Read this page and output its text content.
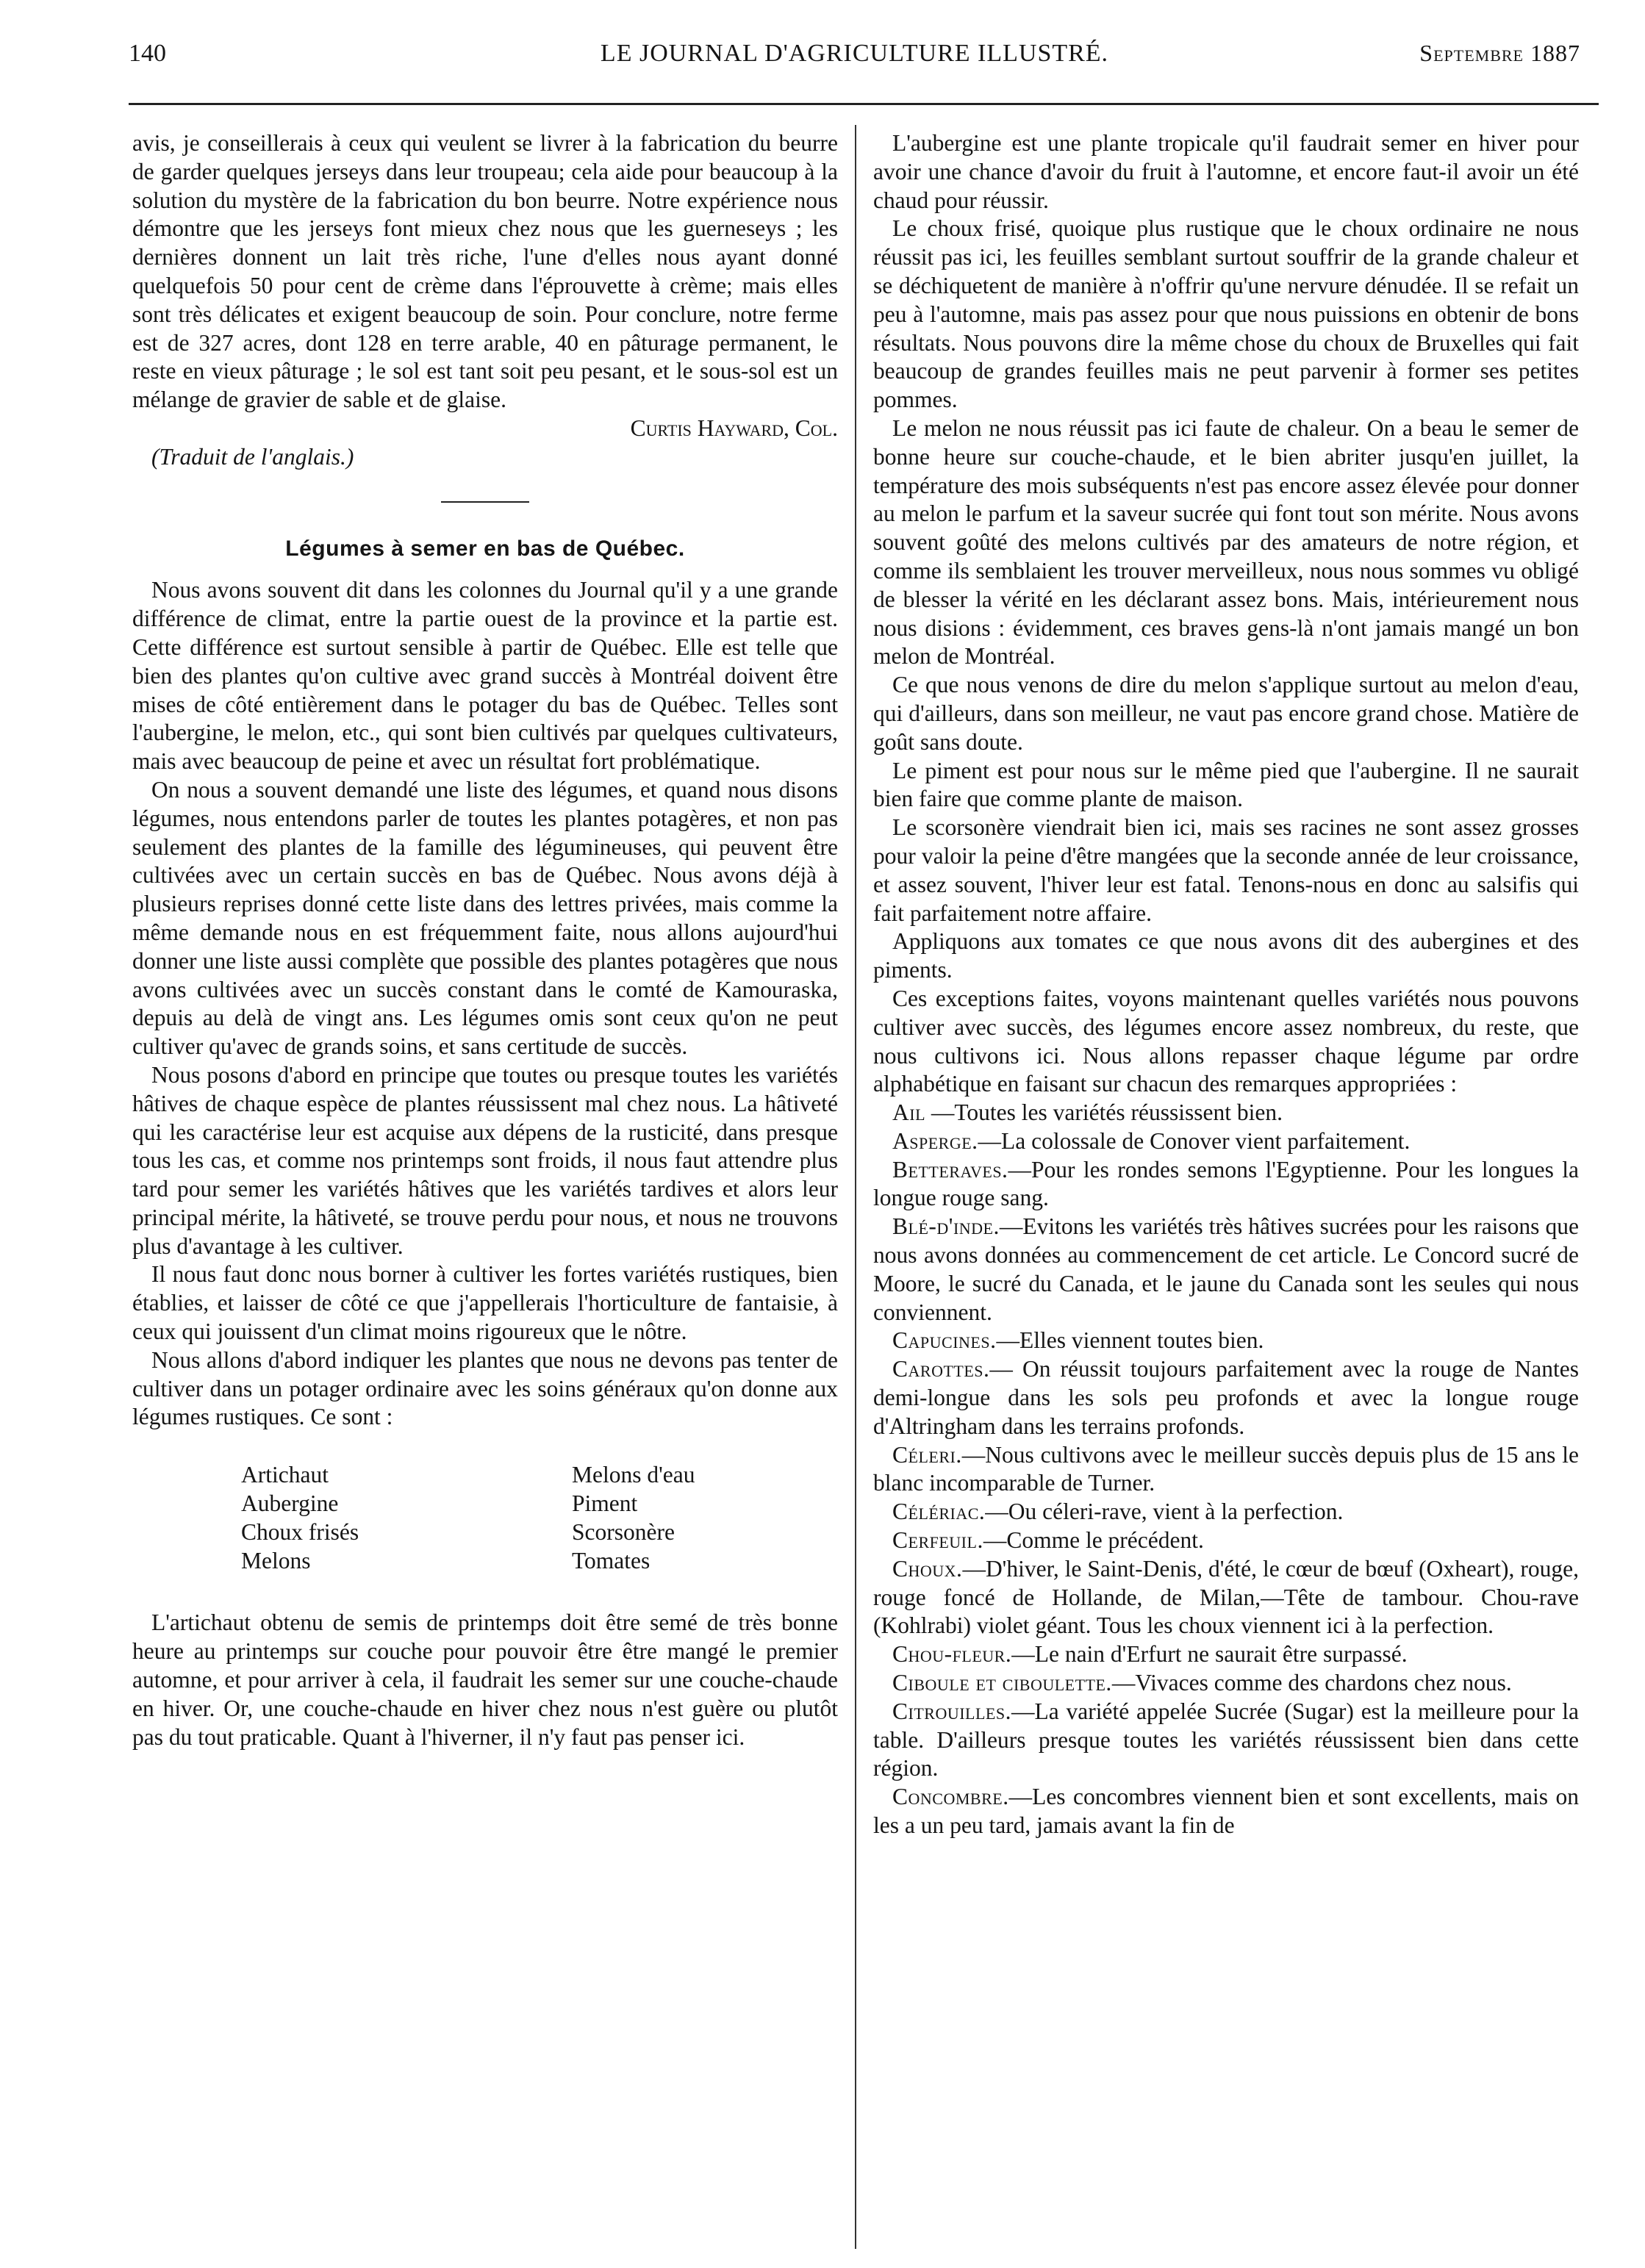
140	LE JOURNAL D'AGRICULTURE ILLUSTRÉ.	Septembre 1887

avis, je conseillerais à ceux qui veulent se livrer à la fabrication du beurre de garder quelques jerseys dans leur troupeau; cela aide pour beaucoup à la solution du mystère de la fabrication du bon beurre. Notre expérience nous démontre que les jerseys font mieux chez nous que les guerneseys ; les dernières donnent un lait très riche, l'une d'elles nous ayant donné quelquefois 50 pour cent de crème dans l'éprouvette à crème; mais elles sont très délicates et exigent beaucoup de soin. Pour conclure, notre ferme est de 327 acres, dont 128 en terre arable, 40 en pâturage permanent, le reste en vieux pâturage ; le sol est tant soit peu pesant, et le sous-sol est un mélange de gravier de sable et de glaise.

Curtis Hayward, Col.

(Traduit de l'anglais.)

Légumes à semer en bas de Québec.

Nous avons souvent dit dans les colonnes du Journal qu'il y a une grande différence de climat, entre la partie ouest de la province et la partie est. Cette différence est surtout sensible à partir de Québec. Elle est telle que bien des plantes qu'on cultive avec grand succès à Montréal doivent être mises de côté entièrement dans le potager du bas de Québec. Telles sont l'aubergine, le melon, etc., qui sont bien cultivés par quelques cultivateurs, mais avec beaucoup de peine et avec un résultat fort problématique.

On nous a souvent demandé une liste des légumes, et quand nous disons légumes, nous entendons parler de toutes les plantes potagères, et non pas seulement des plantes de la famille des légumineuses, qui peuvent être cultivées avec un certain succès en bas de Québec. Nous avons déjà à plusieurs reprises donné cette liste dans des lettres privées, mais comme la même demande nous en est fréquemment faite, nous allons aujourd'hui donner une liste aussi complète que possible des plantes potagères que nous avons cultivées avec un succès constant dans le comté de Kamouraska, depuis au delà de vingt ans. Les légumes omis sont ceux qu'on ne peut cultiver qu'avec de grands soins, et sans certitude de succès.

Nous posons d'abord en principe que toutes ou presque toutes les variétés hâtives de chaque espèce de plantes réussissent mal chez nous. La hâtiveté qui les caractérise leur est acquise aux dépens de la rusticité, dans presque tous les cas, et comme nos printemps sont froids, il nous faut attendre plus tard pour semer les variétés hâtives que les variétés tardives et alors leur principal mérite, la hâtiveté, se trouve perdu pour nous, et nous ne trouvons plus d'avantage à les cultiver.

Il nous faut donc nous borner à cultiver les fortes variétés rustiques, bien établies, et laisser de côté ce que j'appellerais l'horticulture de fantaisie, à ceux qui jouissent d'un climat moins rigoureux que le nôtre.

Nous allons d'abord indiquer les plantes que nous ne devons pas tenter de cultiver dans un potager ordinaire avec les soins généraux qu'on donne aux légumes rustiques. Ce sont :

Artichaut	Melons d'eau
Aubergine	Piment
Choux frisés	Scorsonère
Melons	Tomates

L'artichaut obtenu de semis de printemps doit être semé de très bonne heure au printemps sur couche pour pouvoir être être mangé le premier automne, et pour arriver à cela, il faudrait les semer sur une couche-chaude en hiver. Or, une couche-chaude en hiver chez nous n'est guère ou plutôt pas du tout praticable. Quant à l'hiverner, il n'y faut pas penser ici.

L'aubergine est une plante tropicale qu'il faudrait semer en hiver pour avoir une chance d'avoir du fruit à l'automne, et encore faut-il avoir un été chaud pour réussir.

Le choux frisé, quoique plus rustique que le choux ordinaire ne nous réussit pas ici, les feuilles semblant surtout souffrir de la grande chaleur et se déchiquetent de manière à n'offrir qu'une nervure dénudée. Il se refait un peu à l'automne, mais pas assez pour que nous puissions en obtenir de bons résultats. Nous pouvons dire la même chose du choux de Bruxelles qui fait beaucoup de grandes feuilles mais ne peut parvenir à former ses petites pommes.

Le melon ne nous réussit pas ici faute de chaleur. On a beau le semer de bonne heure sur couche-chaude, et le bien abriter jusqu'en juillet, la température des mois subséquents n'est pas encore assez élevée pour donner au melon le parfum et la saveur sucrée qui font tout son mérite. Nous avons souvent goûté des melons cultivés par des amateurs de notre région, et comme ils semblaient les trouver merveilleux, nous nous sommes vu obligé de blesser la vérité en les déclarant assez bons. Mais, intérieurement nous nous disions : évidemment, ces braves gens-là n'ont jamais mangé un bon melon de Montréal.

Ce que nous venons de dire du melon s'applique surtout au melon d'eau, qui d'ailleurs, dans son meilleur, ne vaut pas encore grand chose. Matière de goût sans doute.

Le piment est pour nous sur le même pied que l'aubergine. Il ne saurait bien faire que comme plante de maison.

Le scorsonère viendrait bien ici, mais ses racines ne sont assez grosses pour valoir la peine d'être mangées que la seconde année de leur croissance, et assez souvent, l'hiver leur est fatal. Tenons-nous en donc au salsifis qui fait parfaitement notre affaire.

Appliquons aux tomates ce que nous avons dit des aubergines et des piments.

Ces exceptions faites, voyons maintenant quelles variétés nous pouvons cultiver avec succès, des légumes encore assez nombreux, du reste, que nous cultivons ici. Nous allons repasser chaque légume par ordre alphabétique en faisant sur chacun des remarques appropriées :

Ail —Toutes les variétés réussissent bien.

Asperge.—La colossale de Conover vient parfaitement.

Betteraves.—Pour les rondes semons l'Egyptienne. Pour les longues la longue rouge sang.

Blé-d'inde.—Evitons les variétés très hâtives sucrées pour les raisons que nous avons données au commencement de cet article. Le Concord sucré de Moore, le sucré du Canada, et le jaune du Canada sont les seules qui nous conviennent.

Capucines.—Elles viennent toutes bien.

Carottes.— On réussit toujours parfaitement avec la rouge de Nantes demi-longue dans les sols peu profonds et avec la longue rouge d'Altringham dans les terrains profonds.

Céleri.—Nous cultivons avec le meilleur succès depuis plus de 15 ans le blanc incomparable de Turner.

Célériac.—Ou céleri-rave, vient à la perfection.

Cerfeuil.—Comme le précédent.

Choux.—D'hiver, le Saint-Denis, d'été, le cœur de bœuf (Oxheart), rouge, rouge foncé de Hollande, de Milan,—Tête de tambour. Chou-rave (Kohlrabi) violet géant. Tous les choux viennent ici à la perfection.

Chou-fleur.—Le nain d'Erfurt ne saurait être surpassé.

Ciboule et ciboulette.—Vivaces comme des chardons chez nous.

Citrouilles.—La variété appelée Sucrée (Sugar) est la meilleure pour la table. D'ailleurs presque toutes les variétés réussissent bien dans cette région.

Concombre.—Les concombres viennent bien et sont excellents, mais on les a un peu tard, jamais avant la fin de
